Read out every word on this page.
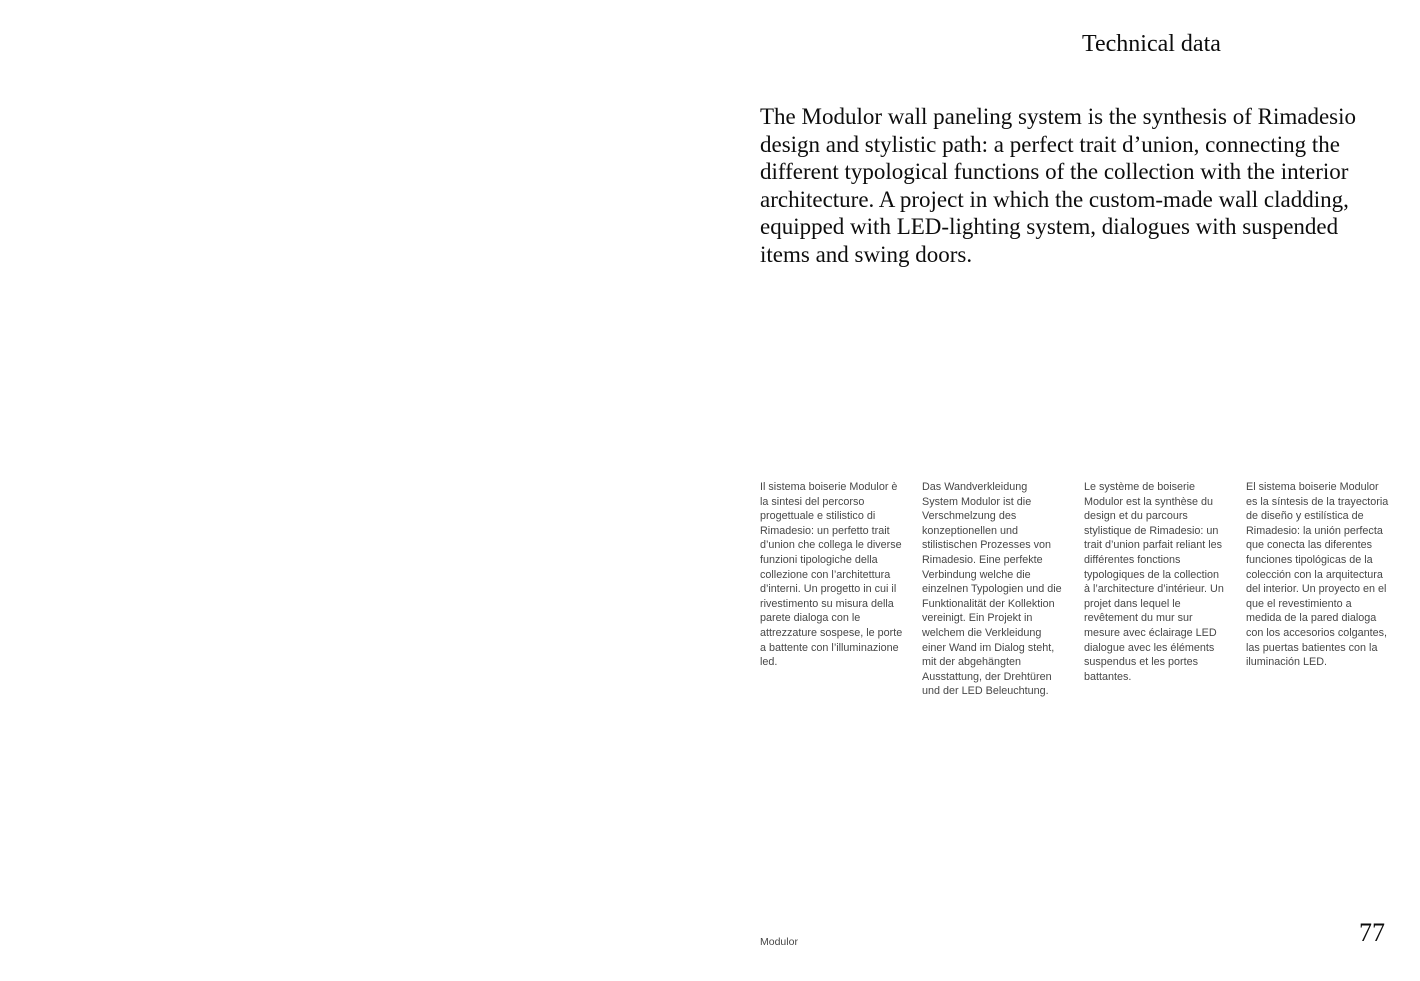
Technical data
The Modulor wall paneling system is the synthesis of Rimadesio design and stylistic path: a perfect trait d’union, connecting the different typological functions of the collection with the interior architecture. A project in which the custom-made wall cladding, equipped with LED-lighting system, dialogues with suspended items and swing doors.
Il sistema boiserie Modulor è la sintesi del percorso progettuale e stilistico di Rimadesio: un perfetto trait d’union che collega le diverse funzioni tipologiche della collezione con l’architettura d’interni. Un progetto in cui il rivestimento su misura della parete dialoga con le attrezzature sospese, le porte a battente con l’illuminazione led.
Das Wandverkleidung System Modulor ist die Verschmelzung des konzeptionellen und stilistischen Prozesses von Rimadesio. Eine perfekte Verbindung welche die einzelnen Typologien und die Funktionalität der Kollektion vereinigt. Ein Projekt in welchem die Verkleidung einer Wand im Dialog steht, mit der abgehängten Ausstattung, der Drehtüren und der LED Beleuchtung.
Le système de boiserie Modulor est la synthèse du design et du parcours stylistique de Rimadesio: un trait d’union parfait reliant les différentes fonctions typologiques de la collection à l’architecture d’intérieur. Un projet dans lequel le revêtement du mur sur mesure avec éclairage LED dialogue avec les éléments suspendus et les portes battantes.
El sistema boiserie Modulor es la síntesis de la trayectoria de diseño y estilística de Rimadesio: la unión perfecta que conecta las diferentes funciones tipológicas de la colección con la arquitectura del interior. Un proyecto en el que el revestimiento a medida de la pared dialoga con los accesorios colgantes, las puertas batientes con la iluminación LED.
Modulor	77
